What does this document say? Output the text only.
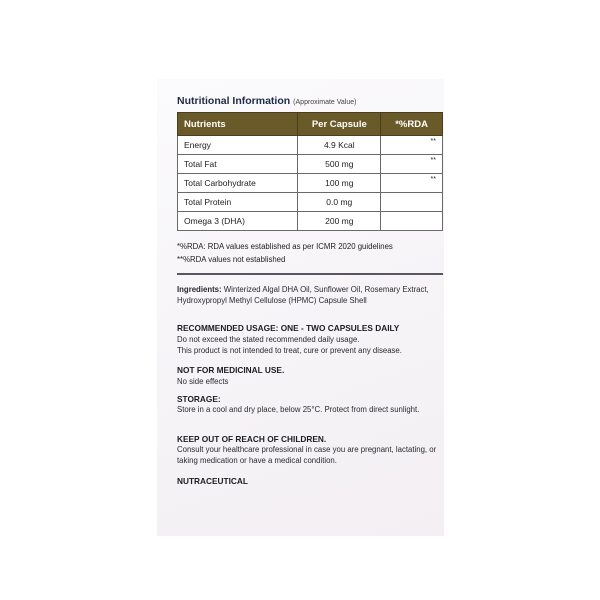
Nutritional Information (Approximate Value)
Nutrients	Per Capsule	*%RDA
Energy	4.9 Kcal	**
Total Fat	500 mg	**
Total Carbohydrate	100 mg	**
Total Protein	0.0 mg	
Omega 3 (DHA)	200 mg	
*%RDA: RDA values established as per ICMR 2020 guidelines
**%RDA values not established
Ingredients: Winterized Algal DHA Oil, Sunflower Oil, Rosemary Extract, Hydroxypropyl Methyl Cellulose (HPMC) Capsule Shell
RECOMMENDED USAGE: ONE - TWO CAPSULES DAILY
Do not exceed the stated recommended daily usage.
This product is not intended to treat, cure or prevent any disease.
NOT FOR MEDICINAL USE.
No side effects
STORAGE:
Store in a cool and dry place, below 25°C. Protect from direct sunlight.
KEEP OUT OF REACH OF CHILDREN.
Consult your healthcare professional in case you are pregnant, lactating, or taking medication or have a medical condition.
NUTRACEUTICAL
